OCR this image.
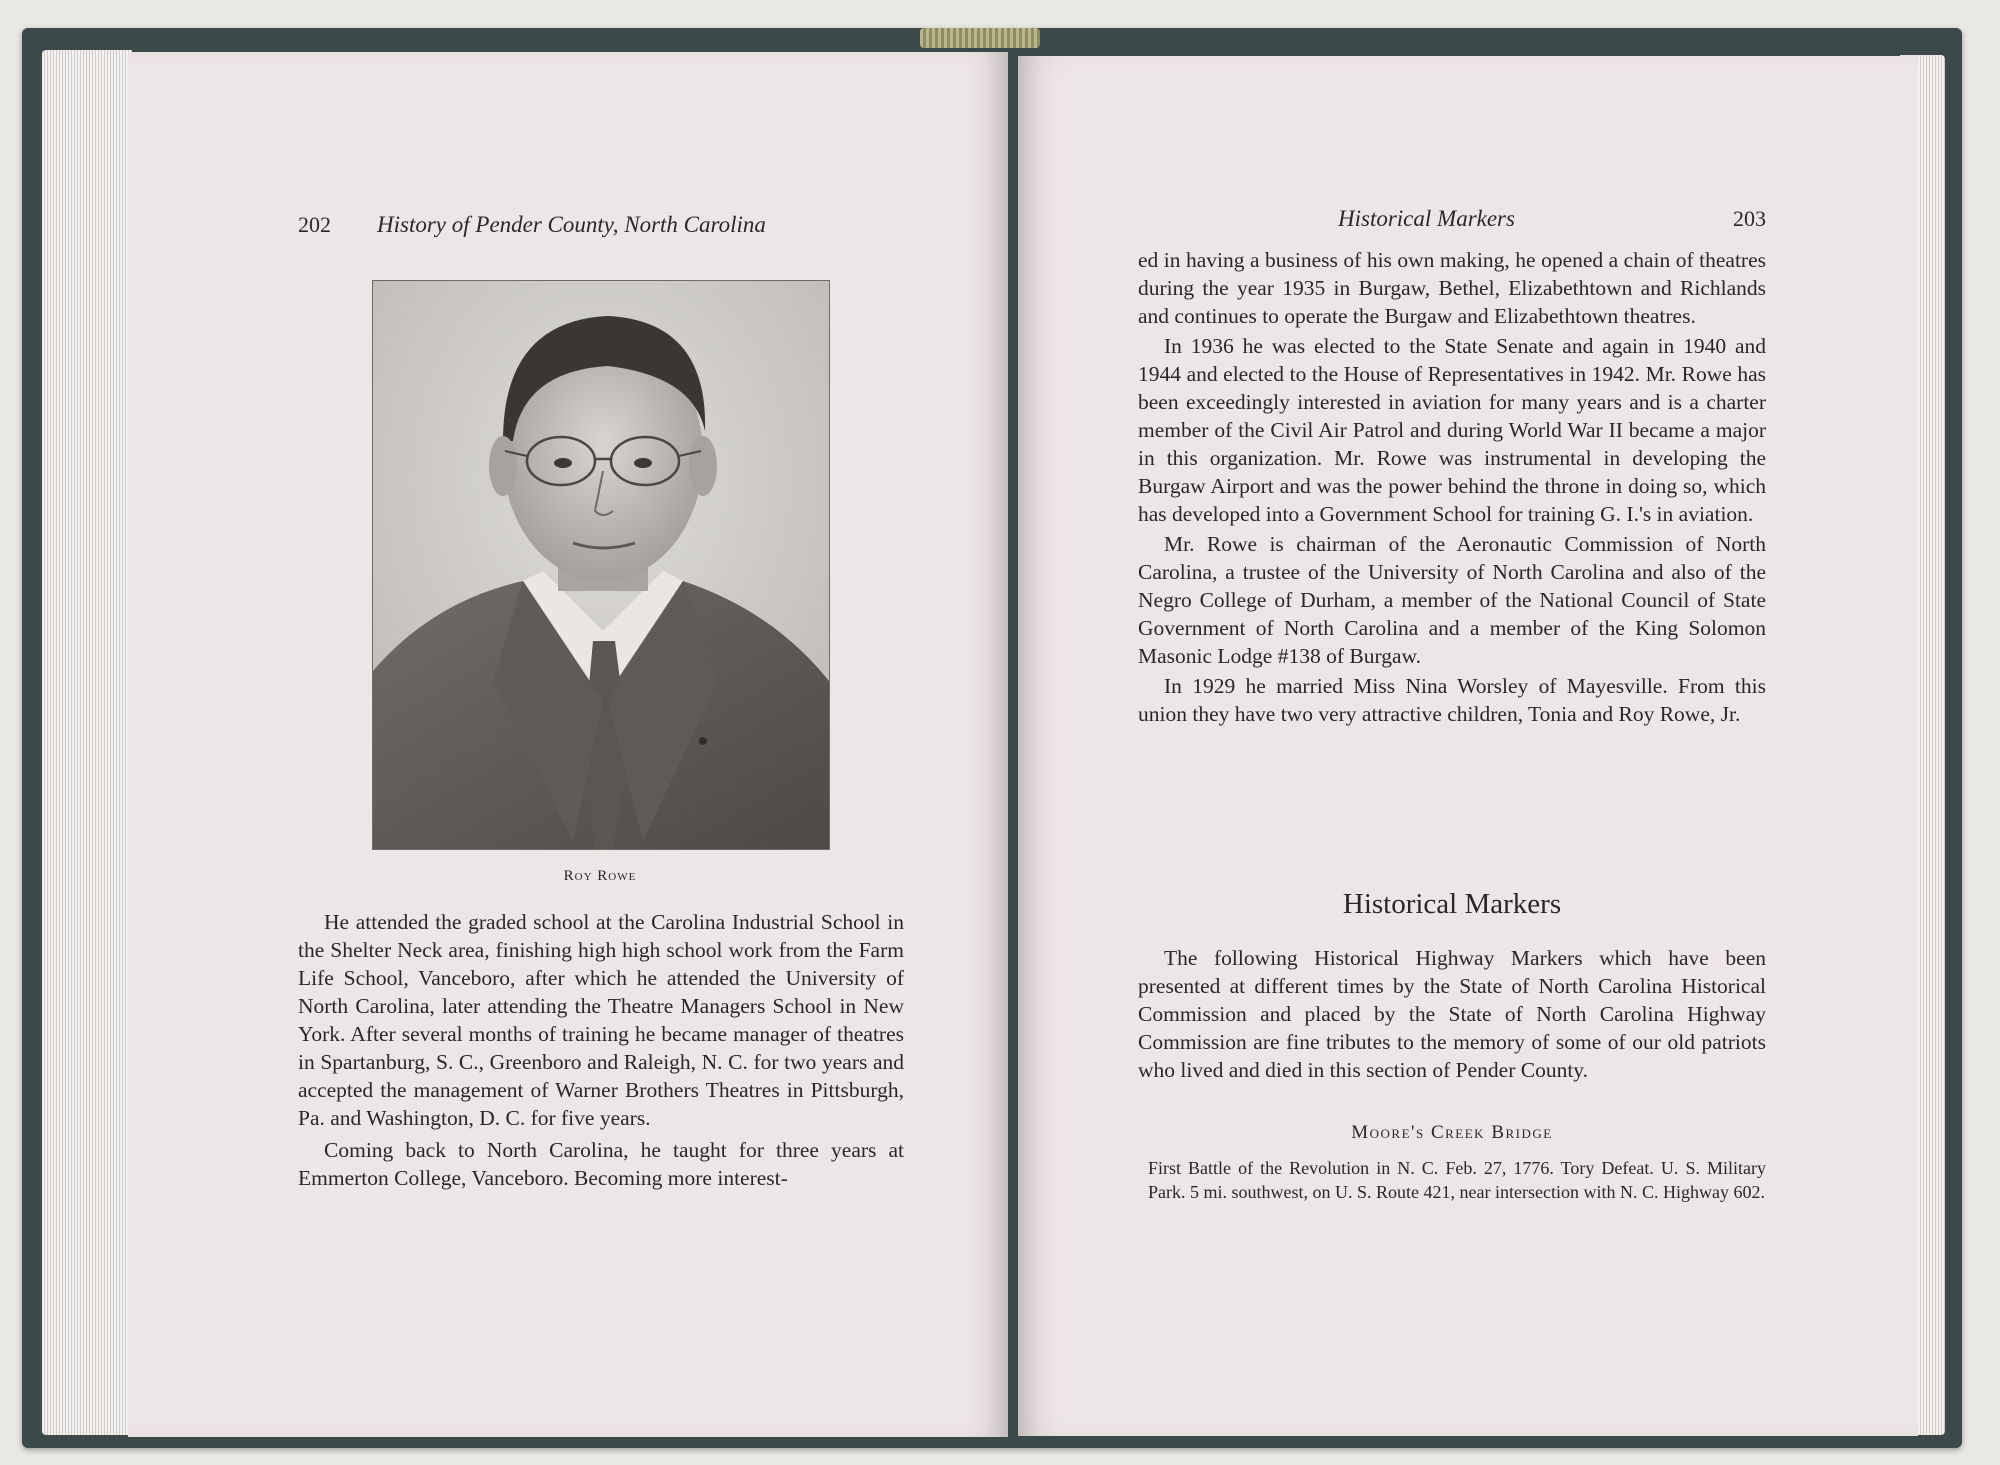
202 History of Pender County, North Carolina
Roy Rowe

He attended the graded school at the Carolina Industrial School in the Shelter Neck area, finishing high high school work from the Farm Life School, Vanceboro, after which he attended the University of North Carolina, later attending the Theatre Managers School in New York. After several months of training he became manager of theatres in Spartanburg, S. C., Greenboro and Raleigh, N. C. for two years and accepted the management of Warner Brothers Theatres in Pittsburgh, Pa. and Washington, D. C. for five years.

Coming back to North Carolina, he taught for three years at Emmerton College, Vanceboro. Becoming more interest-

Historical Markers	203

ed in having a business of his own making, he opened a chain of theatres during the year 1935 in Burgaw, Bethel, Elizabethtown and Richlands and continues to operate the Burgaw and Elizabethtown theatres.

In 1936 he was elected to the State Senate and again in 1940 and 1944 and elected to the House of Representatives in 1942. Mr. Rowe has been exceedingly interested in aviation for many years and is a charter member of the Civil Air Patrol and during World War II became a major in this organization. Mr. Rowe was instrumental in developing the Burgaw Airport and was the power behind the throne in doing so, which has developed into a Government School for training G. I.'s in aviation.

Mr. Rowe is chairman of the Aeronautic Commission of North Carolina, a trustee of the University of North Carolina and also of the Negro College of Durham, a member of the National Council of State Government of North Carolina and a member of the King Solomon Masonic Lodge #138 of Burgaw.

In 1929 he married Miss Nina Worsley of Mayesville. From this union they have two very attractive children, Tonia and Roy Rowe, Jr.

Historical Markers

The following Historical Highway Markers which have been presented at different times by the State of North Carolina Historical Commission and placed by the State of North Carolina Highway Commission are fine tributes to the memory of some of our old patriots who lived and died in this section of Pender County.

Moore's Creek Bridge
First Battle of the Revolution in N. C. Feb. 27, 1776. Tory Defeat. U. S. Military Park. 5 mi. southwest, on U. S. Route 421, near intersection with N. C. Highway 602.
